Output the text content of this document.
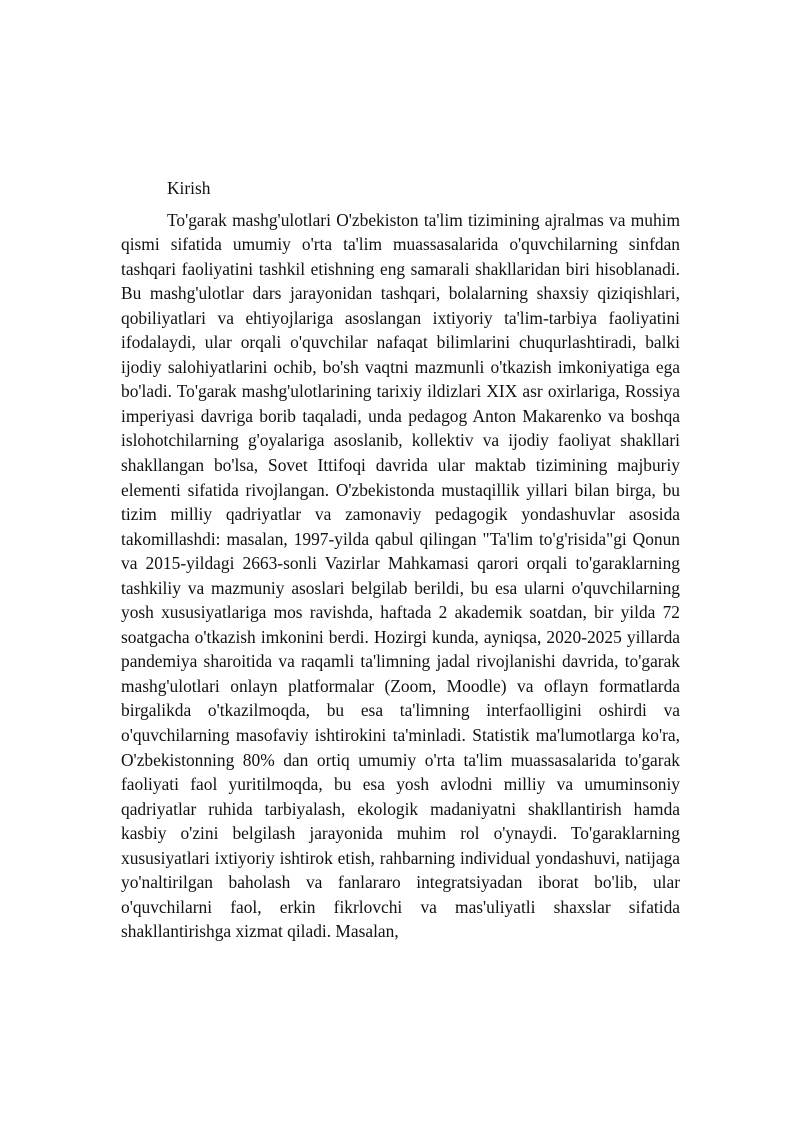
Kirish

To'garak mashg'ulotlari O'zbekiston ta'lim tizimining ajralmas va muhim qismi sifatida umumiy o'rta ta'lim muassasalarida o'quvchilarning sinfdan tashqari faoliyatini tashkil etishning eng samarali shakllaridan biri hisoblanadi. Bu mashg'ulotlar dars jarayonidan tashqari, bolalarning shaxsiy qiziqishlari, qobiliyatlari va ehtiyojlariga asoslangan ixtiyoriy ta'lim-tarbiya faoliyatini ifodalaydi, ular orqali o'quvchilar nafaqat bilimlarini chuqurlashtiradi, balki ijodiy salohiyatlarini ochib, bo'sh vaqtni mazmunli o'tkazish imkoniyatiga ega bo'ladi. To'garak mashg'ulotlarining tarixiy ildizlari XIX asr oxirlariga, Rossiya imperiyasi davriga borib taqaladi, unda pedagog Anton Makarenko va boshqa islohotchilarning g'oyalariga asoslanib, kollektiv va ijodiy faoliyat shakllari shakllangan bo'lsa, Sovet Ittifoqi davrida ular maktab tizimining majburiy elementi sifatida rivojlangan. O'zbekistonda mustaqillik yillari bilan birga, bu tizim milliy qadriyatlar va zamonaviy pedagogik yondashuvlar asosida takomillashdi: masalan, 1997-yilda qabul qilingan "Ta'lim to'g'risida"gi Qonun va 2015-yildagi 2663-sonli Vazirlar Mahkamasi qarori orqali to'garaklarning tashkiliy va mazmuniy asoslari belgilab berildi, bu esa ularni o'quvchilarning yosh xususiyatlariga mos ravishda, haftada 2 akademik soatdan, bir yilda 72 soatgacha o'tkazish imkonini berdi. Hozirgi kunda, ayniqsa, 2020-2025 yillarda pandemiya sharoitida va raqamli ta'limning jadal rivojlanishi davrida, to'garak mashg'ulotlari onlayn platformalar (Zoom, Moodle) va oflayn formatlarda birgalikda o'tkazilmoqda, bu esa ta'limning interfaolligini oshirdi va o'quvchilarning masofaviy ishtirokini ta'minladi. Statistik ma'lumotlarga ko'ra, O'zbekistonning 80% dan ortiq umumiy o'rta ta'lim muassasalarida to'garak faoliyati faol yuritilmoqda, bu esa yosh avlodni milliy va umuminsoniy qadriyatlar ruhida tarbiyalash, ekologik madaniyatni shakllantirish hamda kasbiy o'zini belgilash jarayonida muhim rol o'ynaydi. To'garaklarning xususiyatlari ixtiyoriy ishtirok etish, rahbarning individual yondashuvi, natijaga yo'naltirilgan baholash va fanlararo integratsiyadan iborat bo'lib, ular o'quvchilarni faol, erkin fikrlovchi va mas'uliyatli shaxslar sifatida shakllantirishga xizmat qiladi. Masalan,
